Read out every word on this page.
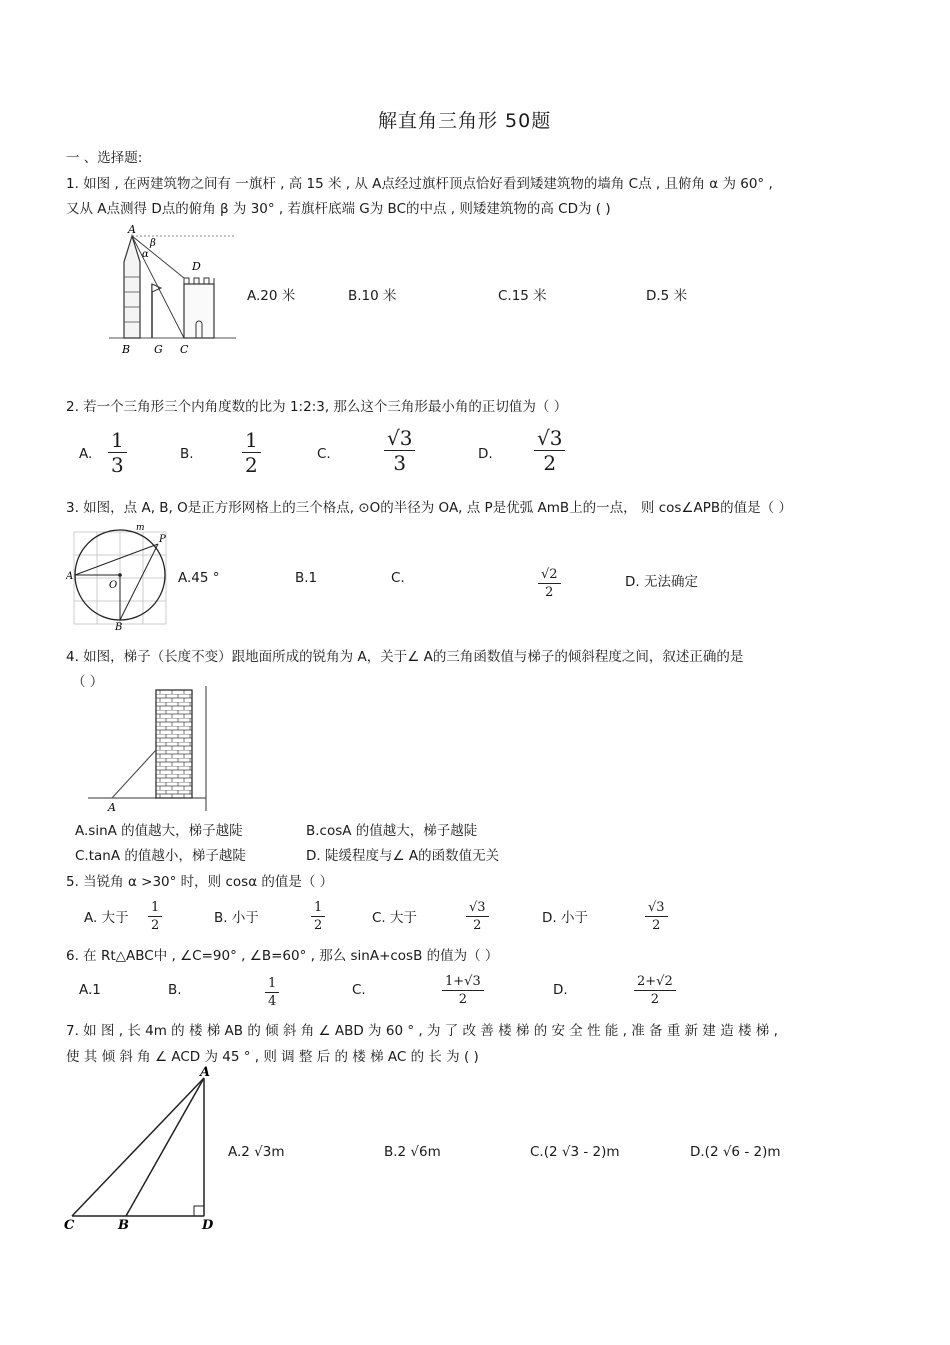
解直角三角形 50题
一 、选择题:
1. 如图 , 在两建筑物之间有 一旗杆 , 高 15 米 , 从 A点经过旗杆顶点恰好看到矮建筑物的墙角 C点 , 且俯角 α 为 60° ,
又从 A点测得 D点的俯角 β 为 30° , 若旗杆底端 G为 BC的中点 , 则矮建筑物的高 CD为 ( )
A
β
α
D
B G C
A.20 米	B.10 米	C.15 米	D.5 米
2. 若一个三角形三个内角度数的比为 1:2:3, 那么这个三角形最小角的正切值为（ ）
A. $\frac{1}{3}$	B. $\frac{1}{2}$	C.	$\frac{√3}{3}$	D. $\frac{√3}{2}$
3. 如图，点 A, B, O是正方形网格上的三个格点, ⊙O的半径为 OA, 点 P是优弧 AmB上的一点， 则 cos∠APB的值是（ ）
A
O
B
P
m
A.45 °	B.1	C.	$\frac{√2}{2}$	D. 无法确定
4. 如图，梯子（长度不变）跟地面所成的锐角为 A，关于∠ A的三角函数值与梯子的倾斜程度之间，叙述正确的是
（ ）
A
A.sinA 的值越大，梯子越陡	B.cosA 的值越大，梯子越陡
C.tanA 的值越小，梯子越陡	D. 陡缓程度与∠ A的函数值无关
5. 当锐角 α >30° 时，则 cosα 的值是（ ）
A. 大于 $\frac{1}{2}$	B. 小于	$\frac{1}{2}$	C. 大于	$\frac{√3}{2}$	D. 小于	$\frac{√3}{2}$
6. 在 Rt△ABC中 , ∠C=90° , ∠B=60° , 那么 sinA+cosB 的值为（ ）
A.1	B.	$\frac{1}{4}$	C.	$\frac{1+√3}{2}$	D.	$\frac{2+√2}{2}$
7. 如 图 , 长 4m 的 楼 梯 AB 的 倾 斜 角 ∠ ABD 为 60 ° , 为 了 改 善 楼 梯 的 安 全 性 能 , 准 备 重 新 建 造 楼 梯 ,
使 其 倾 斜 角 ∠ ACD 为 45 ° , 则 调 整 后 的 楼 梯 AC 的 长 为 ( )
A
C	B	D
A.2 √3m	B.2 √6m	C.(2 √3 - 2)m	D.(2 √6 - 2)m
